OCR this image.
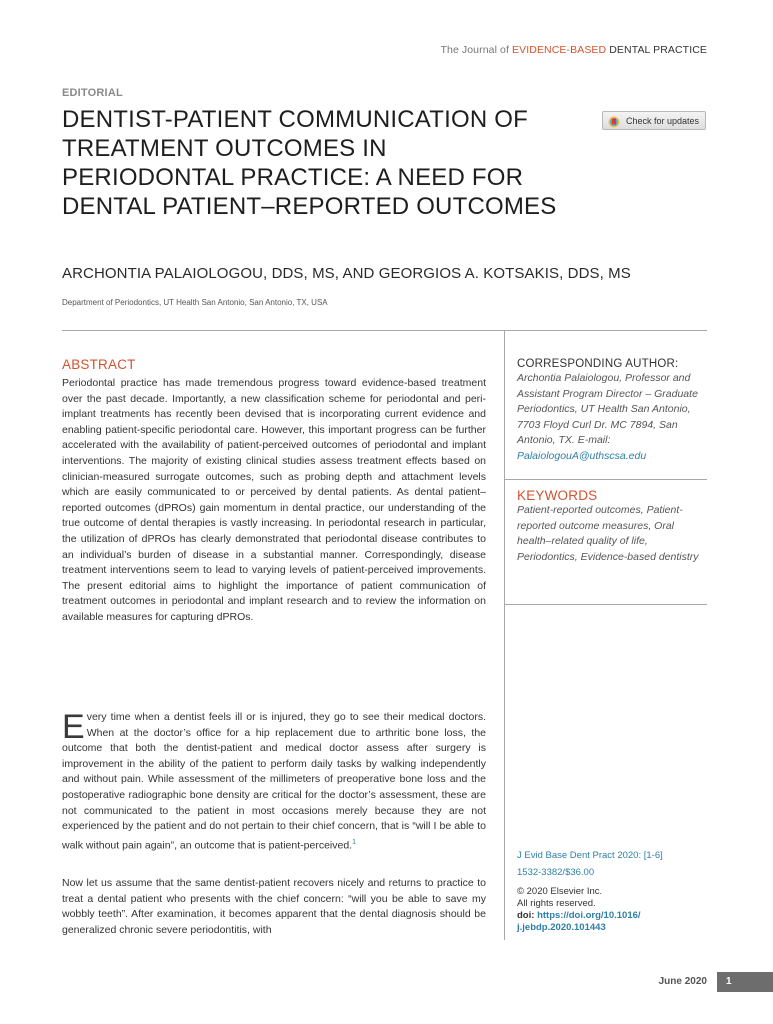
The Journal of EVIDENCE-BASED DENTAL PRACTICE
EDITORIAL
DENTIST-PATIENT COMMUNICATION OF
TREATMENT OUTCOMES IN
PERIODONTAL PRACTICE: A NEED FOR
DENTAL PATIENT–REPORTED OUTCOMES
Check for updates
ARCHONTIA PALAIOLOGOU, DDS, MS, AND GEORGIOS A. KOTSAKIS, DDS, MS
Department of Periodontics, UT Health San Antonio, San Antonio, TX, USA
ABSTRACT
Periodontal practice has made tremendous progress toward evidence-based treatment over the past decade. Importantly, a new classification scheme for periodontal and peri-implant treatments has recently been devised that is incorporating current evidence and enabling patient-specific periodontal care. However, this important progress can be further accelerated with the availability of patient-perceived outcomes of periodontal and implant interventions. The majority of existing clinical studies assess treatment effects based on clinician-measured surrogate outcomes, such as probing depth and attachment levels which are easily communicated to or perceived by dental patients. As dental patient–reported outcomes (dPROs) gain momentum in dental practice, our understanding of the true outcome of dental therapies is vastly increasing. In periodontal research in particular, the utilization of dPROs has clearly demonstrated that periodontal disease contributes to an individual’s burden of disease in a substantial manner. Correspondingly, disease treatment interventions seem to lead to varying levels of patient-perceived improvements. The present editorial aims to highlight the importance of patient communication of treatment outcomes in periodontal and implant research and to review the information on available measures for capturing dPROs.
CORRESPONDING AUTHOR:
Archontia Palaiologou, Professor and Assistant Program Director – Graduate Periodontics, UT Health San Antonio, 7703 Floyd Curl Dr. MC 7894, San Antonio, TX. E-mail: PalaiologouA@uthscsa.edu
KEYWORDS
Patient-reported outcomes, Patient-reported outcome measures, Oral health–related quality of life, Periodontics, Evidence-based dentistry
Every time when a dentist feels ill or is injured, they go to see their medical doctors. When at the doctor’s office for a hip replacement due to arthritic bone loss, the outcome that both the dentist-patient and medical doctor assess after surgery is improvement in the ability of the patient to perform daily tasks by walking independently and without pain. While assessment of the millimeters of preoperative bone loss and the postoperative radiographic bone density are critical for the doctor’s assessment, these are not communicated to the patient in most occasions merely because they are not experienced by the patient and do not pertain to their chief concern, that is “will I be able to walk without pain again”, an outcome that is patient-perceived.$^1$
Now let us assume that the same dentist-patient recovers nicely and returns to practice to treat a dental patient who presents with the chief concern: “will you be able to save my wobbly teeth”. After examination, it becomes apparent that the dental diagnosis should be generalized chronic severe periodontitis, with
J Evid Base Dent Pract 2020: [1-6]
1532-3382/$36.00
© 2020 Elsevier Inc.
All rights reserved.
doi: https://doi.org/10.1016/
j.jebdp.2020.101443
June 2020	1
